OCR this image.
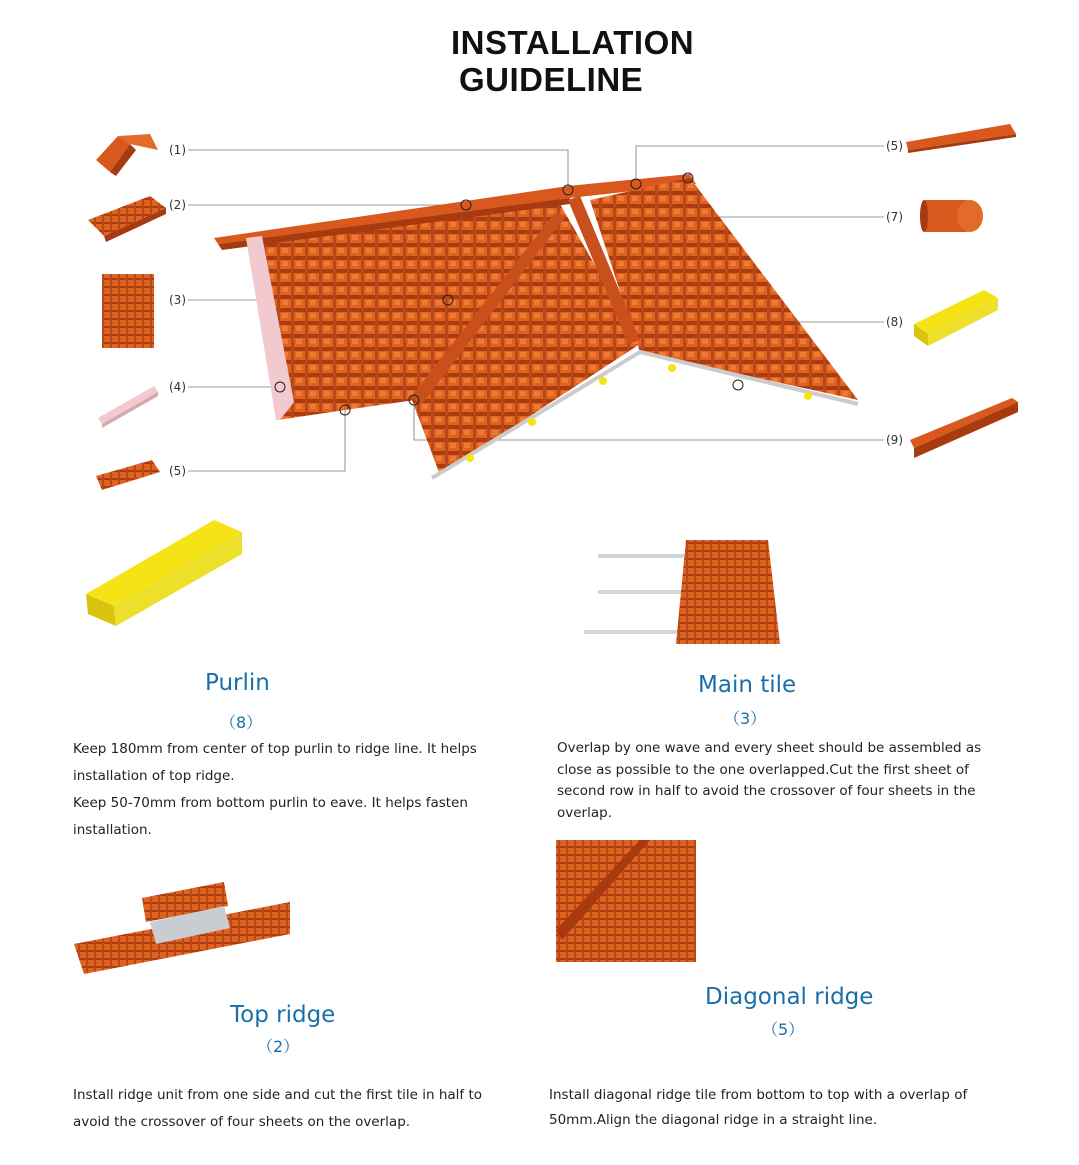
INSTALLATION
GUIDELINE
(1)
(2)
(3)
(4)
(5)
(5)
(7)
(8)
(9)
Purlin
（8）
Keep 180mm from center of top purlin to ridge line. It helps
installation of top ridge.
Keep 50-70mm from bottom purlin to eave. It helps fasten
installation.
Main tile
（3）
Overlap by one wave and every sheet should be assembled as
close as possible to the one overlapped.Cut the first sheet of
second row in half to avoid the crossover of four sheets in the
overlap.
Top ridge
（2）
Install ridge unit from one side and cut the first tile in half to
avoid the crossover of four sheets on the overlap.
Diagonal ridge
（5）
Install diagonal ridge tile from bottom to top with a overlap of
50mm.Align the diagonal ridge in a straight line.
